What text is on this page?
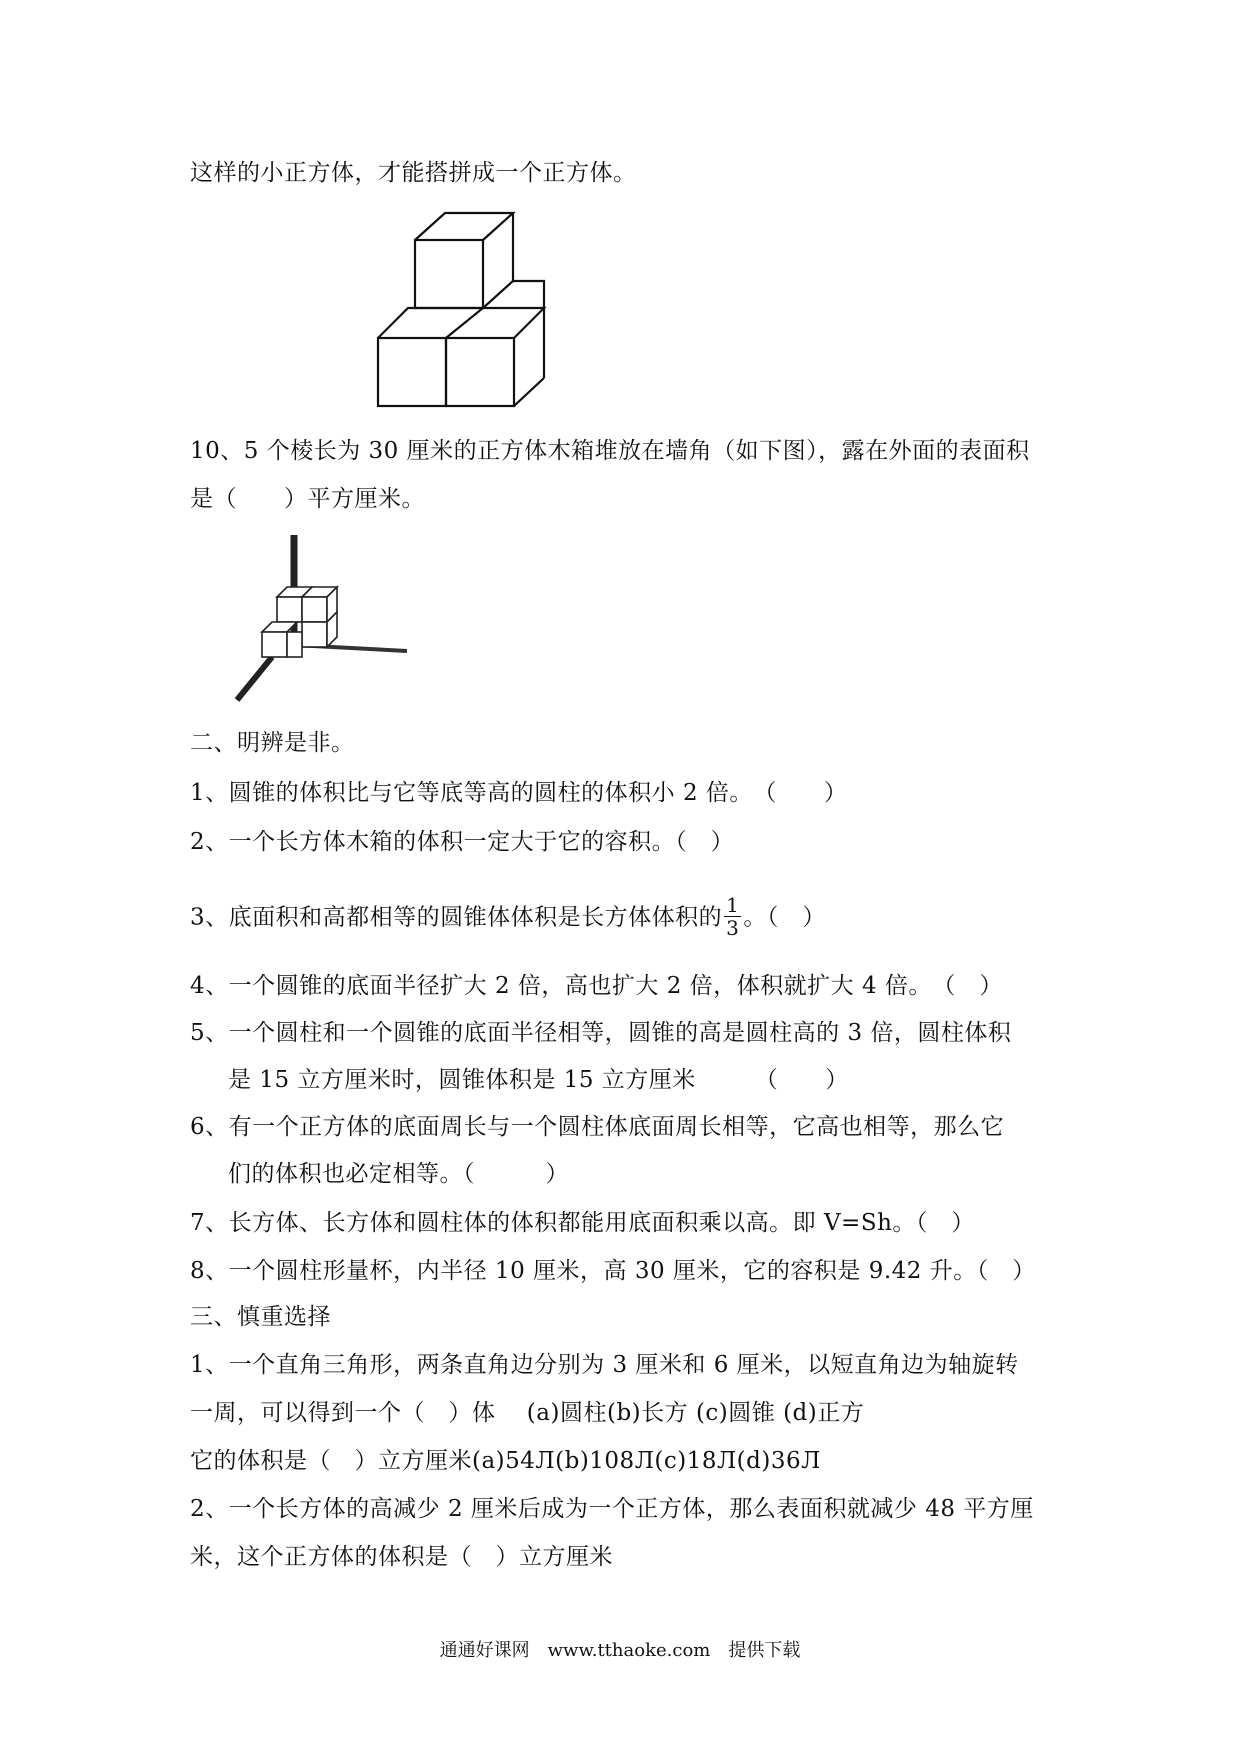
这样的小正方体，才能搭拼成一个正方体。
10、5 个棱长为 30 厘米的正方体木箱堆放在墙角（如下图），露在外面的表面积
是（　　）平方厘米。
二、明辨是非。
1、圆锥的体积比与它等底等高的圆柱的体积小 2 倍。　（　　）
2、一个长方体木箱的体积一定大于它的容积。（　）
3、底面积和高都相等的圆锥体体积是长方体体积的 $\frac{1}{3}$ 。（　）
4、一个圆锥的底面半径扩大 2 倍，高也扩大 2 倍，体积就扩大 4 倍。　（　）
5、一个圆柱和一个圆锥的底面半径相等，圆锥的高是圆柱高的 3 倍，圆柱体积
是 15 立方厘米时，圆锥体积是 15 立方厘米　　　（　　）
6、有一个正方体的底面周长与一个圆柱体底面周长相等，它高也相等，那么它
们的体积也必定相等。（　　　）
7、长方体、长方体和圆柱体的体积都能用底面积乘以高。即 V=Sh。（　）
8、一个圆柱形量杯，内半径 10 厘米，高 30 厘米，它的容积是 9.42 升。（　）
三、慎重选择
1、一个直角三角形，两条直角边分别为 3 厘米和 6 厘米，以短直角边为轴旋转
一周，可以得到一个（　）体　 (a)圆柱(b)长方 (c)圆锥 (d)正方
它的体积是（　）立方厘米(a)54Л(b)108Л(c)18Л(d)36Л
2、一个长方体的高减少 2 厘米后成为一个正方体，那么表面积就减少 48 平方厘
米，这个正方体的体积是（　）立方厘米
通通好课网　www.tthaoke.com　提供下载
